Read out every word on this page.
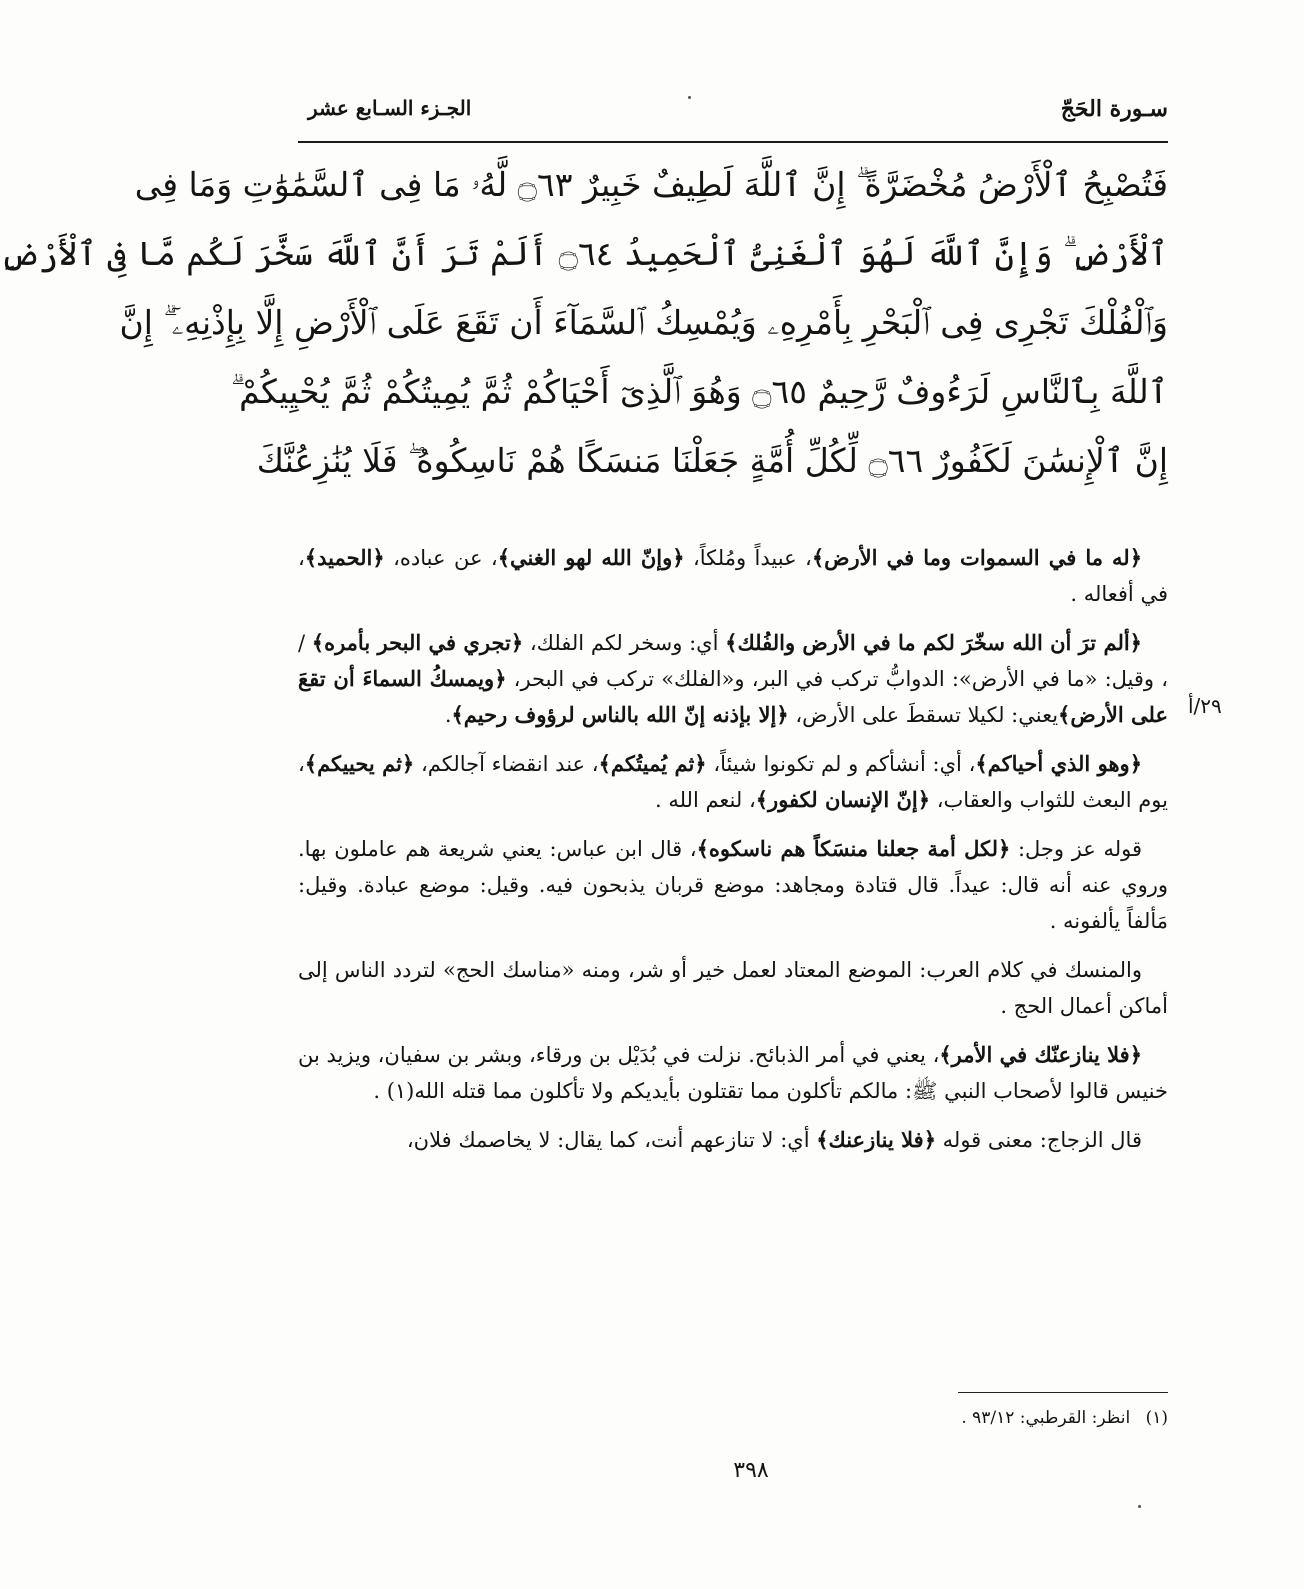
سـورة الحَجّ
الجـزء السـابع عشر
فَتُصْبِحُ ٱلْأَرْضُ مُخْضَرَّةً ۗ إِنَّ ٱللَّهَ لَطِيفٌ خَبِيرٌ ۝٦٣ لَّهُۥ مَا فِى ٱلسَّمَٰوَٰتِ وَمَا فِى
ٱلْأَرْضِ ۗ وَإِنَّ ٱللَّهَ لَهُوَ ٱلْغَنِىُّ ٱلْحَمِيدُ ۝٦٤ أَلَمْ تَرَ أَنَّ ٱللَّهَ سَخَّرَ لَكُم مَّا فِى ٱلْأَرْضِ
وَٱلْفُلْكَ تَجْرِى فِى ٱلْبَحْرِ بِأَمْرِهِۦ وَيُمْسِكُ ٱلسَّمَآءَ أَن تَقَعَ عَلَى ٱلْأَرْضِ إِلَّا بِإِذْنِهِۦٓ ۗ إِنَّ
ٱللَّهَ بِٱلنَّاسِ لَرَءُوفٌ رَّحِيمٌ ۝٦٥ وَهُوَ ٱلَّذِىٓ أَحْيَاكُمْ ثُمَّ يُمِيتُكُمْ ثُمَّ يُحْيِيكُمْ ۗ
إِنَّ ٱلْإِنسَٰنَ لَكَفُورٌ ۝٦٦ لِّكُلِّ أُمَّةٍ جَعَلْنَا مَنسَكًا هُمْ نَاسِكُوهُ ۖ فَلَا يُنَٰزِعُنَّكَ

﴿له ما في السموات وما في الأرض﴾، عبيداً ومُلكاً، ﴿وإنّ الله لهو الغني﴾، عن عباده، ﴿الحميد﴾، في أفعاله .

﴿ألم ترَ أن الله سخّرَ لكم ما في الأرض والفُلك﴾ أي: وسخر لكم الفلك، ﴿تجري في البحر بأمره﴾ / ، وقيل: «ما في الأرض»: الدوابُّ تركب في البر، و«الفلك» تركب في البحر، ﴿ويمسكُ السماءَ أن تقعَ على الأرض﴾يعني: لكيلا تسقطَ على الأرض، ﴿إلا بإذنه إنّ الله بالناس لرؤوف رحيم﴾.

﴿وهو الذي أحياكم﴾، أي: أنشأكم و لم تكونوا شيئاً، ﴿ثم يُميتُكم﴾، عند انقضاء آجالكم، ﴿ثم يحييكم﴾، يوم البعث للثواب والعقاب، ﴿إنّ الإنسان لكفور﴾، لنعم الله .

قوله عز وجل: ﴿لكل أمة جعلنا منسَكاً هم ناسكوه﴾، قال ابن عباس: يعني شريعة هم عاملون بها. وروي عنه أنه قال: عيداً. قال قتادة ومجاهد: موضع قربان يذبحون فيه. وقيل: موضع عبادة. وقيل: مَألفاً يألفونه .

والمنسك في كلام العرب: الموضع المعتاد لعمل خير أو شر، ومنه «مناسك الحج» لتردد الناس إلى أماكن أعمال الحج .

﴿فلا ينازعنّك في الأمر﴾، يعني في أمر الذبائح. نزلت في بُدَيْل بن ورقاء، وبشر بن سفيان، ويزيد بن خنيس قالوا لأصحاب النبي ﷺ: مالكم تأكلون مما تقتلون بأيديكم ولا تأكلون مما قتله الله(١) .

قال الزجاج: معنى قوله ﴿فلا ينازعنك﴾ أي: لا تنازعهم أنت، كما يقال: لا يخاصمك فلان،

٢٩/أ
(١) انظر: القرطبي: ٩٣/١٢ .
٣٩٨
